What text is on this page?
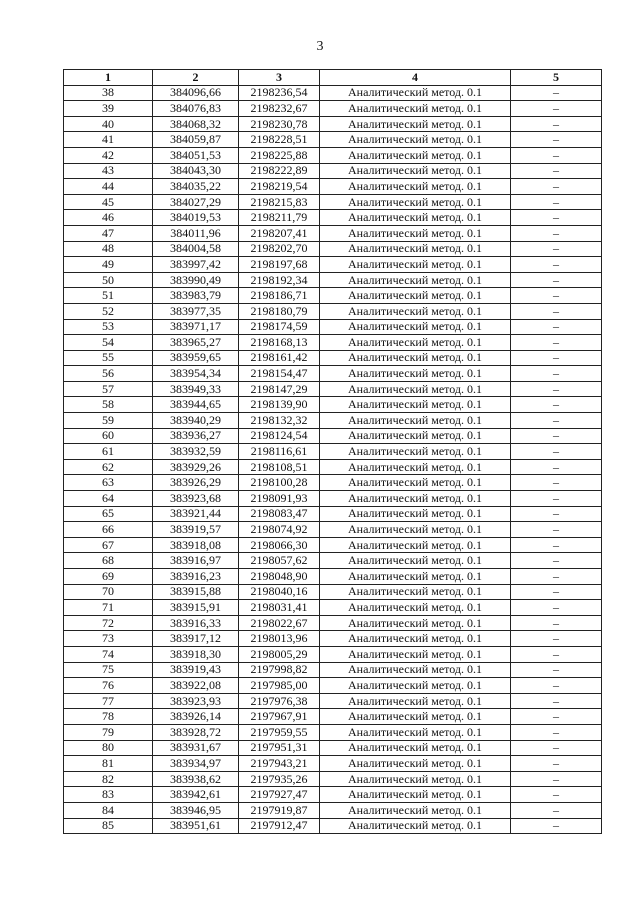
3
1	2	3	4	5
38	384096,66	2198236,54	Аналитический метод. 0.1	–
39	384076,83	2198232,67	Аналитический метод. 0.1	–
40	384068,32	2198230,78	Аналитический метод. 0.1	–
41	384059,87	2198228,51	Аналитический метод. 0.1	–
42	384051,53	2198225,88	Аналитический метод. 0.1	–
43	384043,30	2198222,89	Аналитический метод. 0.1	–
44	384035,22	2198219,54	Аналитический метод. 0.1	–
45	384027,29	2198215,83	Аналитический метод. 0.1	–
46	384019,53	2198211,79	Аналитический метод. 0.1	–
47	384011,96	2198207,41	Аналитический метод. 0.1	–
48	384004,58	2198202,70	Аналитический метод. 0.1	–
49	383997,42	2198197,68	Аналитический метод. 0.1	–
50	383990,49	2198192,34	Аналитический метод. 0.1	–
51	383983,79	2198186,71	Аналитический метод. 0.1	–
52	383977,35	2198180,79	Аналитический метод. 0.1	–
53	383971,17	2198174,59	Аналитический метод. 0.1	–
54	383965,27	2198168,13	Аналитический метод. 0.1	–
55	383959,65	2198161,42	Аналитический метод. 0.1	–
56	383954,34	2198154,47	Аналитический метод. 0.1	–
57	383949,33	2198147,29	Аналитический метод. 0.1	–
58	383944,65	2198139,90	Аналитический метод. 0.1	–
59	383940,29	2198132,32	Аналитический метод. 0.1	–
60	383936,27	2198124,54	Аналитический метод. 0.1	–
61	383932,59	2198116,61	Аналитический метод. 0.1	–
62	383929,26	2198108,51	Аналитический метод. 0.1	–
63	383926,29	2198100,28	Аналитический метод. 0.1	–
64	383923,68	2198091,93	Аналитический метод. 0.1	–
65	383921,44	2198083,47	Аналитический метод. 0.1	–
66	383919,57	2198074,92	Аналитический метод. 0.1	–
67	383918,08	2198066,30	Аналитический метод. 0.1	–
68	383916,97	2198057,62	Аналитический метод. 0.1	–
69	383916,23	2198048,90	Аналитический метод. 0.1	–
70	383915,88	2198040,16	Аналитический метод. 0.1	–
71	383915,91	2198031,41	Аналитический метод. 0.1	–
72	383916,33	2198022,67	Аналитический метод. 0.1	–
73	383917,12	2198013,96	Аналитический метод. 0.1	–
74	383918,30	2198005,29	Аналитический метод. 0.1	–
75	383919,43	2197998,82	Аналитический метод. 0.1	–
76	383922,08	2197985,00	Аналитический метод. 0.1	–
77	383923,93	2197976,38	Аналитический метод. 0.1	–
78	383926,14	2197967,91	Аналитический метод. 0.1	–
79	383928,72	2197959,55	Аналитический метод. 0.1	–
80	383931,67	2197951,31	Аналитический метод. 0.1	–
81	383934,97	2197943,21	Аналитический метод. 0.1	–
82	383938,62	2197935,26	Аналитический метод. 0.1	–
83	383942,61	2197927,47	Аналитический метод. 0.1	–
84	383946,95	2197919,87	Аналитический метод. 0.1	–
85	383951,61	2197912,47	Аналитический метод. 0.1	–
